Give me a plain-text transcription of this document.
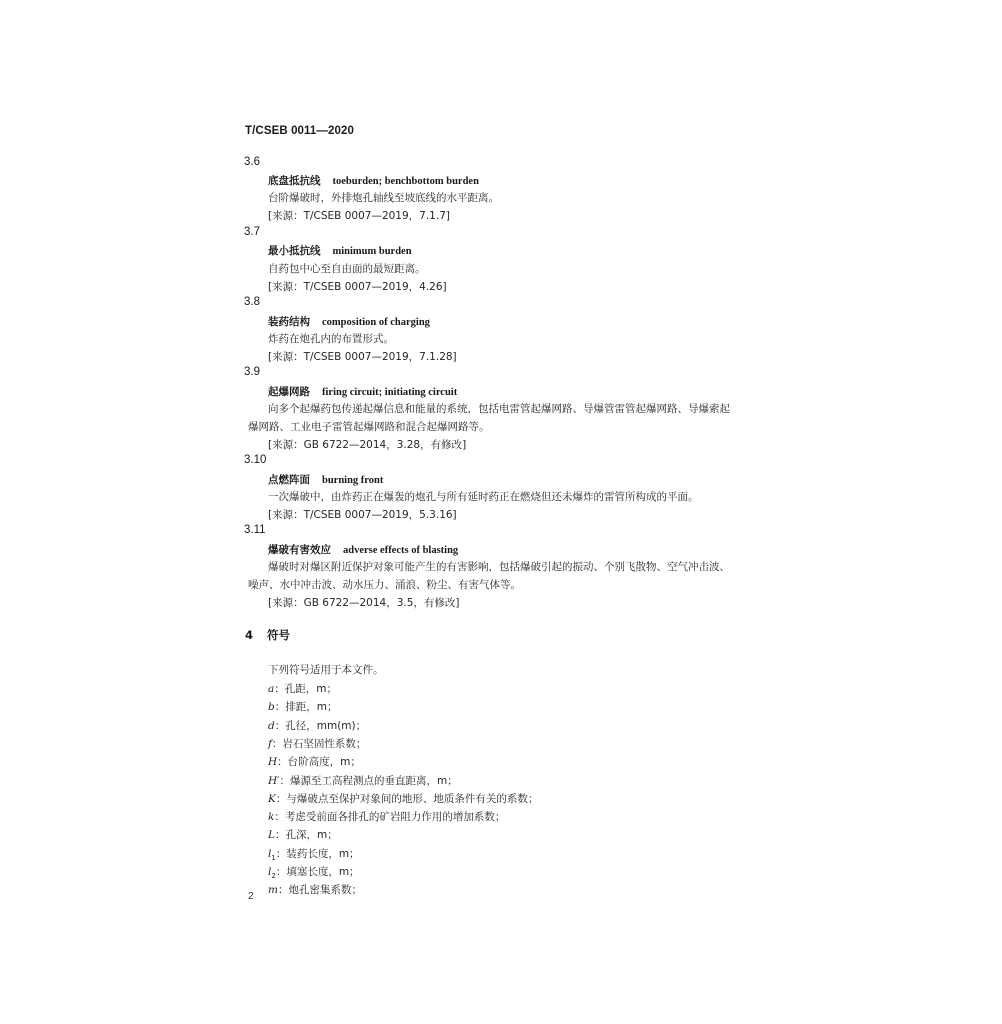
T/CSEB 0011—2020
3.6
底盘抵抗线 toeburden; benchbottom burden
台阶爆破时，外排炮孔轴线至坡底线的水平距离。
[来源：T/CSEB 0007—2019，7.1.7]
3.7
最小抵抗线 minimum burden
自药包中心至自由面的最短距离。
[来源：T/CSEB 0007—2019，4.26]
3.8
装药结构 composition of charging
炸药在炮孔内的布置形式。
[来源：T/CSEB 0007—2019，7.1.28]
3.9
起爆网路 firing circuit; initiating circuit
向多个起爆药包传递起爆信息和能量的系统，包括电雷管起爆网路、导爆管雷管起爆网路、导爆索起
爆网路、工业电子雷管起爆网路和混合起爆网路等。
[来源：GB 6722—2014，3.28，有修改]
3.10
点燃阵面 burning front
一次爆破中，由炸药正在爆轰的炮孔与所有延时药正在燃烧但还未爆炸的雷管所构成的平面。
[来源：T/CSEB 0007—2019，5.3.16]
3.11
爆破有害效应 adverse effects of blasting
爆破时对爆区附近保护对象可能产生的有害影响，包括爆破引起的振动、个别飞散物、空气冲击波、
噪声、水中冲击波、动水压力、涌浪、粉尘、有害气体等。
[来源：GB 6722—2014，3.5，有修改]
4 符号
下列符号适用于本文件。
a：孔距，m；
b：排距，m；
d：孔径，mm(m)；
f：岩石坚固性系数；
H：台阶高度，m；
H′：爆源至工高程测点的垂直距离，m；
K：与爆破点至保护对象间的地形、地质条件有关的系数；
k：考虑受前面各排孔的矿岩阻力作用的增加系数；
L：孔深，m；
$l_1$：装药长度，m；
$l_2$：填塞长度，m；
m：炮孔密集系数；
2
